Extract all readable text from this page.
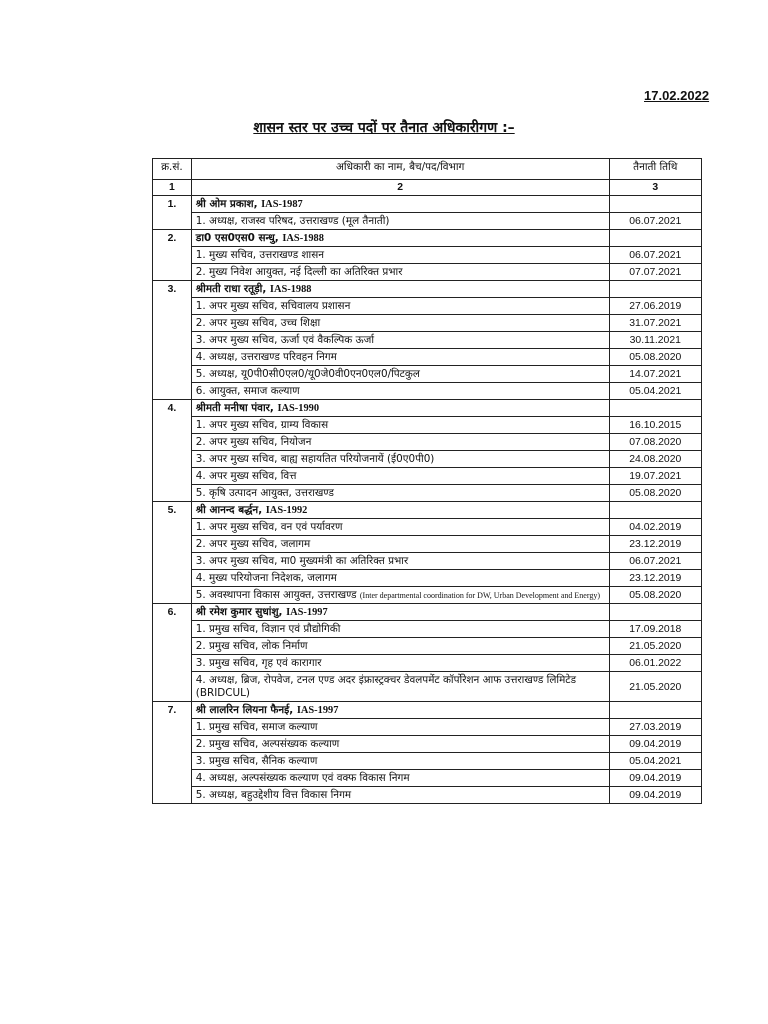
17.02.2022
शासन स्तर पर उच्च पदों पर तैनात अधिकारीगण :–
क्र.सं.	अधिकारी का नाम, बैच/पद/विभाग	तैनाती तिथि
1	2	3
1.	श्री ओम प्रकाश, IAS-1987	
	1. अध्यक्ष, राजस्व परिषद, उत्तराखण्ड (मूल तैनाती)	06.07.2021
2.	डा0 एस0एस0 सन्धु, IAS-1988	
	1. मुख्य सचिव, उत्तराखण्ड शासन	06.07.2021
	2. मुख्य निवेश आयुक्त, नई दिल्ली का अतिरिक्त प्रभार	07.07.2021
3.	श्रीमती राधा रतूड़ी, IAS-1988	
	1. अपर मुख्य सचिव, सचिवालय प्रशासन	27.06.2019
	2. अपर मुख्य सचिव, उच्च शिक्षा	31.07.2021
	3. अपर मुख्य सचिव, ऊर्जा एवं वैकल्पिक ऊर्जा	30.11.2021
	4. अध्यक्ष, उत्तराखण्ड परिवहन निगम	05.08.2020
	5. अध्यक्ष, यू0पी0सी0एल0/यू0जे0वी0एन0एल0/पिटकुल	14.07.2021
	6. आयुक्त, समाज कल्याण	05.04.2021
4.	श्रीमती मनीषा पंवार, IAS-1990	
	1. अपर मुख्य सचिव, ग्राम्य विकास	16.10.2015
	2. अपर मुख्य सचिव, नियोजन	07.08.2020
	3. अपर मुख्य सचिव, बाह्य सहायतित परियोजनायें (ई0ए0पी0)	24.08.2020
	4. अपर मुख्य सचिव, वित्त	19.07.2021
	5. कृषि उत्पादन आयुक्त, उत्तराखण्ड	05.08.2020
5.	श्री आनन्द बर्द्धन, IAS-1992	
	1. अपर मुख्य सचिव, वन एवं पर्यावरण	04.02.2019
	2. अपर मुख्य सचिव, जलागम	23.12.2019
	3. अपर मुख्य सचिव, मा0 मुख्यमंत्री का अतिरिक्त प्रभार	06.07.2021
	4. मुख्य परियोजना निदेशक, जलागम	23.12.2019
	5. अवस्थापना विकास आयुक्त, उत्तराखण्ड (Inter departmental coordination for DW, Urban Development and Energy)	05.08.2020
6.	श्री रमेश कुमार सुधांशु, IAS-1997	
	1. प्रमुख सचिव, विज्ञान एवं प्रौद्योगिकी	17.09.2018
	2. प्रमुख सचिव, लोक निर्माण	21.05.2020
	3. प्रमुख सचिव, गृह एवं कारागार	06.01.2022
	4. अध्यक्ष, ब्रिज, रोपवेज, टनल एण्ड अदर इंफ्रास्ट्रक्चर डेवलपमेंट कॉर्पोरेशन आफ उत्तराखण्ड लिमिटेड (BRIDCUL)	21.05.2020
7.	श्री लालरिन लियना फैनई, IAS-1997	
	1. प्रमुख सचिव, समाज कल्याण	27.03.2019
	2. प्रमुख सचिव, अल्पसंख्यक कल्याण	09.04.2019
	3. प्रमुख सचिव, सैनिक कल्याण	05.04.2021
	4. अध्यक्ष, अल्पसंख्यक कल्याण एवं वक्फ विकास निगम	09.04.2019
	5. अध्यक्ष, बहुउद्देशीय वित्त विकास निगम	09.04.2019
